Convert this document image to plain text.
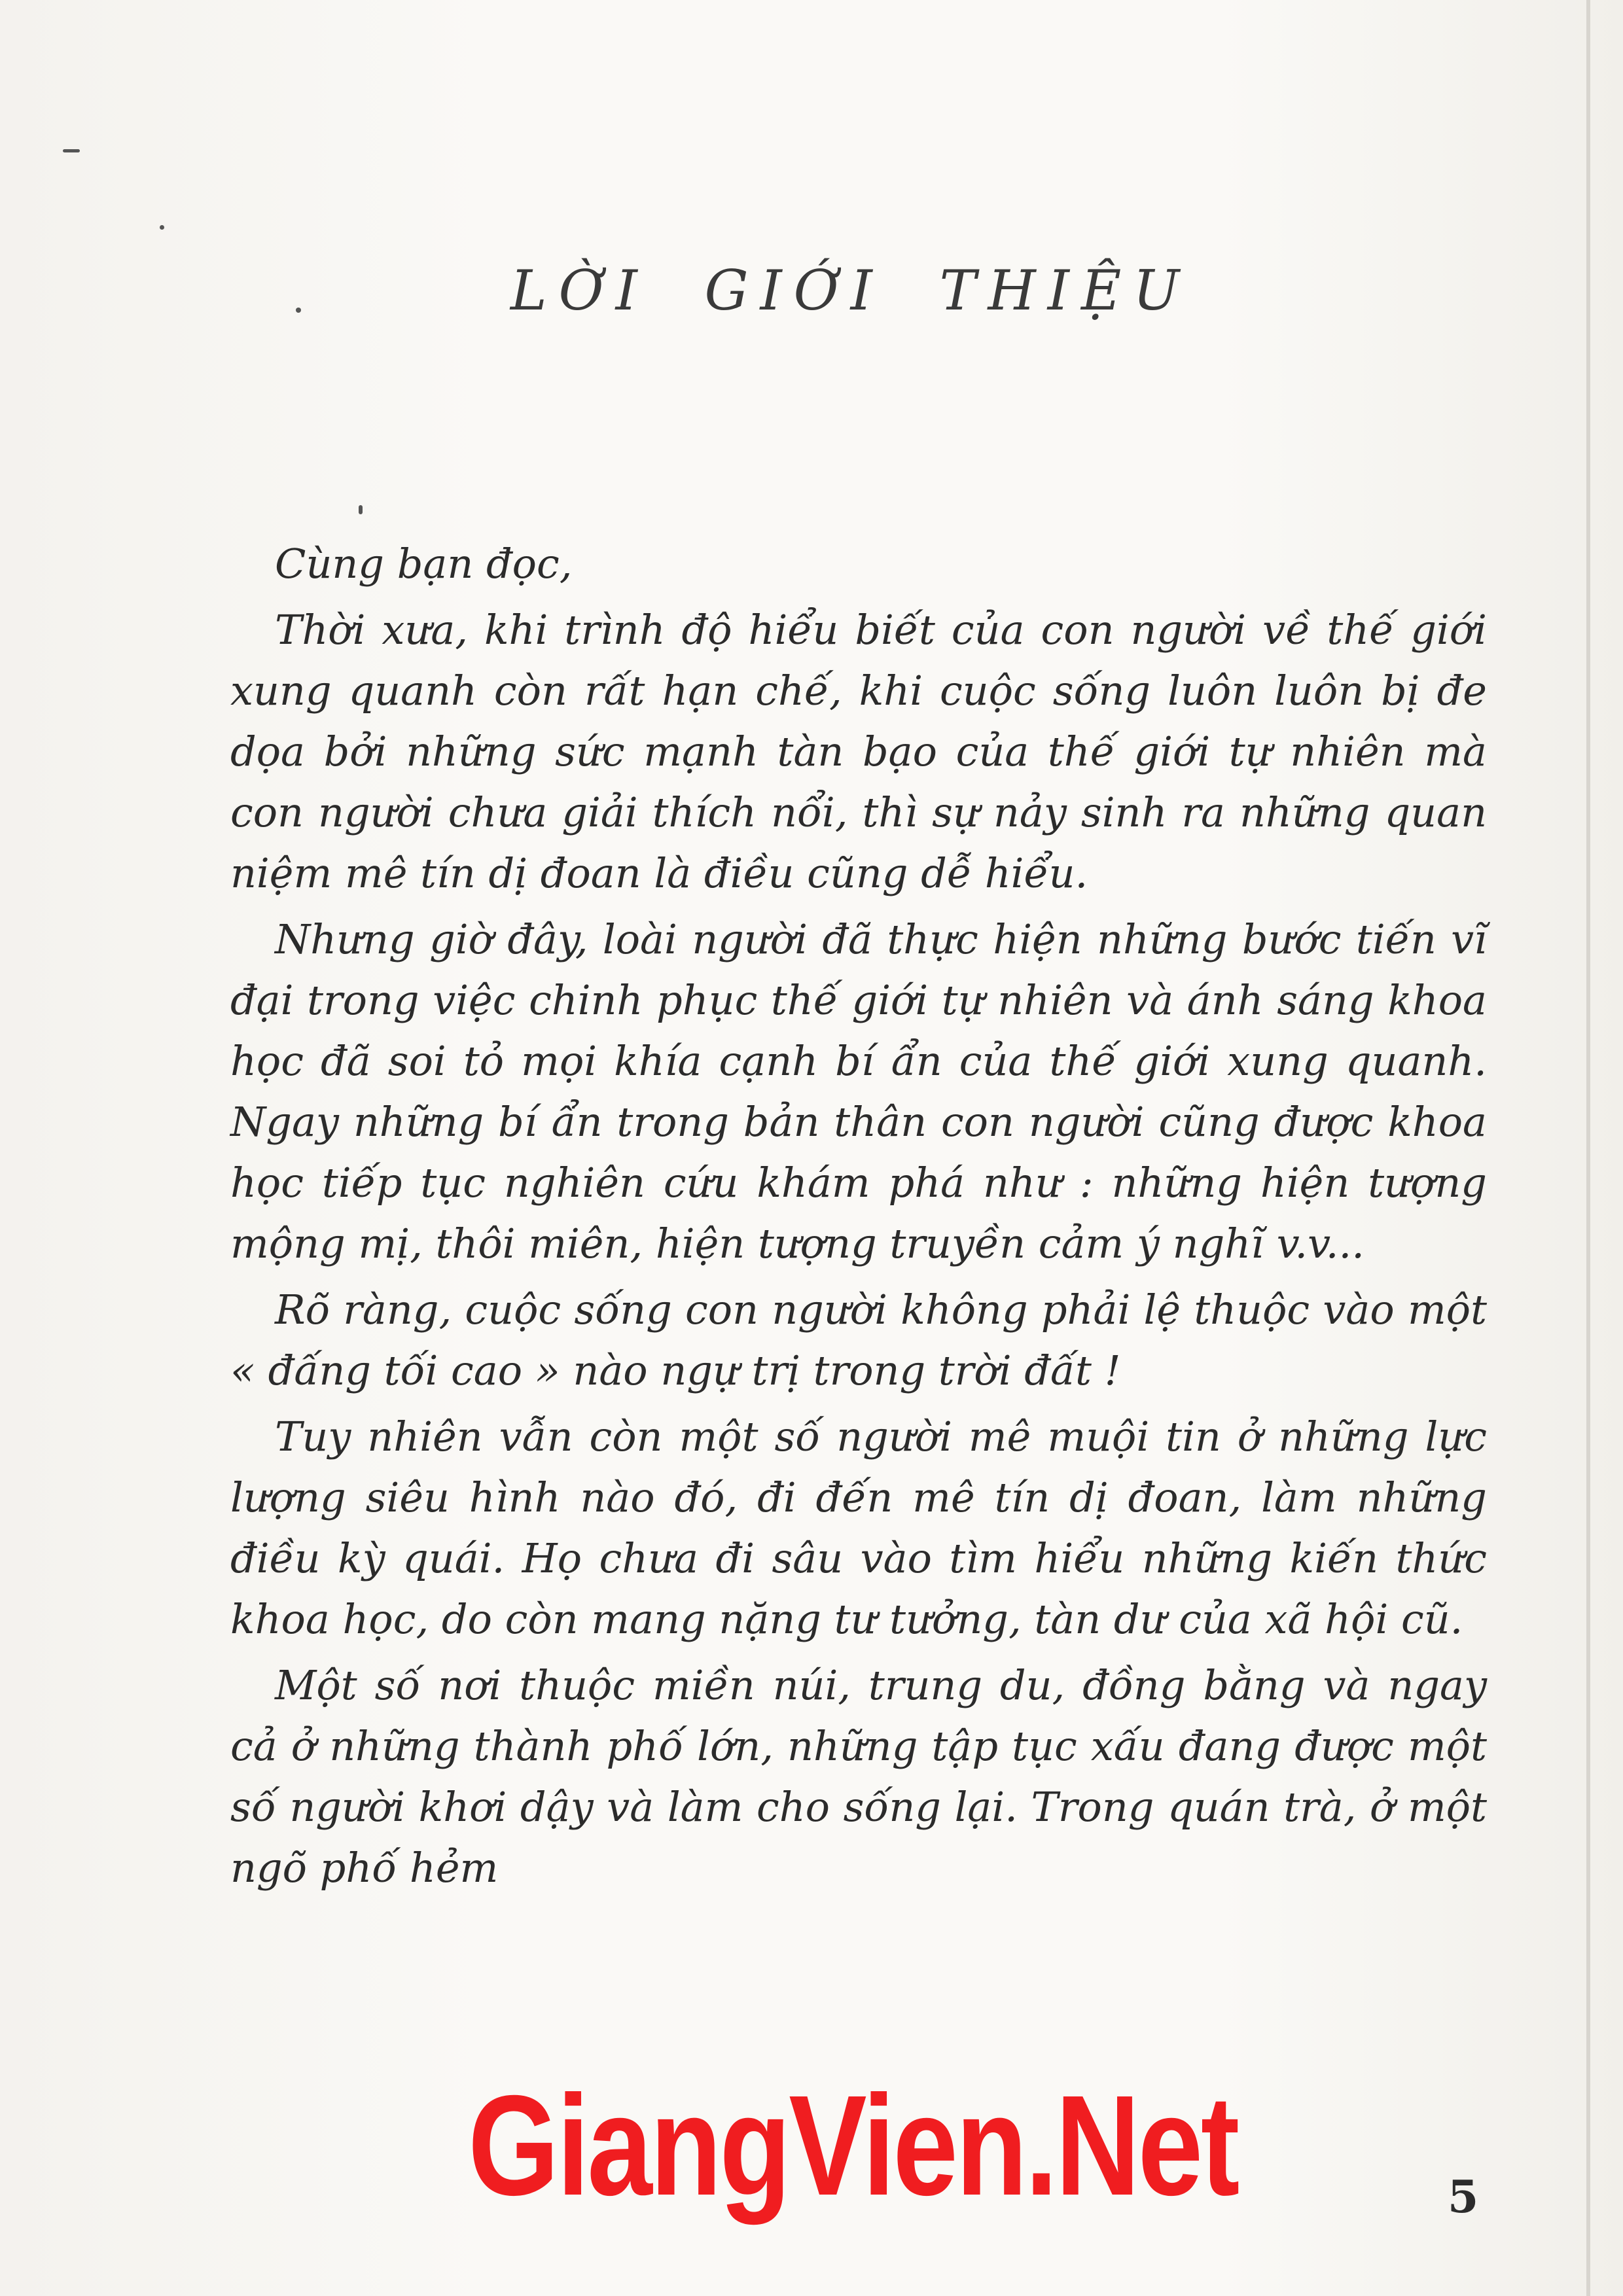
LỜI GIỚI THIỆU

Cùng bạn đọc,

Thời xưa, khi trình độ hiểu biết của con người về thế giới xung quanh còn rất hạn chế, khi cuộc sống luôn luôn bị đe dọa bởi những sức mạnh tàn bạo của thế giới tự nhiên mà con người chưa giải thích nổi, thì sự nảy sinh ra những quan niệm mê tín dị đoan là điều cũng dễ hiểu.

Nhưng giờ đây, loài người đã thực hiện những bước tiến vĩ đại trong việc chinh phục thế giới tự nhiên và ánh sáng khoa học đã soi tỏ mọi khía cạnh bí ẩn của thế giới xung quanh. Ngay những bí ẩn trong bản thân con người cũng được khoa học tiếp tục nghiên cứu khám phá như : những hiện tượng mộng mị, thôi miên, hiện tượng truyền cảm ý nghĩ v.v...

Rõ ràng, cuộc sống con người không phải lệ thuộc vào một « đấng tối cao » nào ngự trị trong trời đất !

Tuy nhiên vẫn còn một số người mê muội tin ở những lực lượng siêu hình nào đó, đi đến mê tín dị đoan, làm những điều kỳ quái. Họ chưa đi sâu vào tìm hiểu những kiến thức khoa học, do còn mang nặng tư tưởng, tàn dư của xã hội cũ.

Một số nơi thuộc miền núi, trung du, đồng bằng và ngay cả ở những thành phố lớn, những tập tục xấu đang được một số người khơi dậy và làm cho sống lại. Trong quán trà, ở một ngõ phố hẻm

GiangVien.Net	5
